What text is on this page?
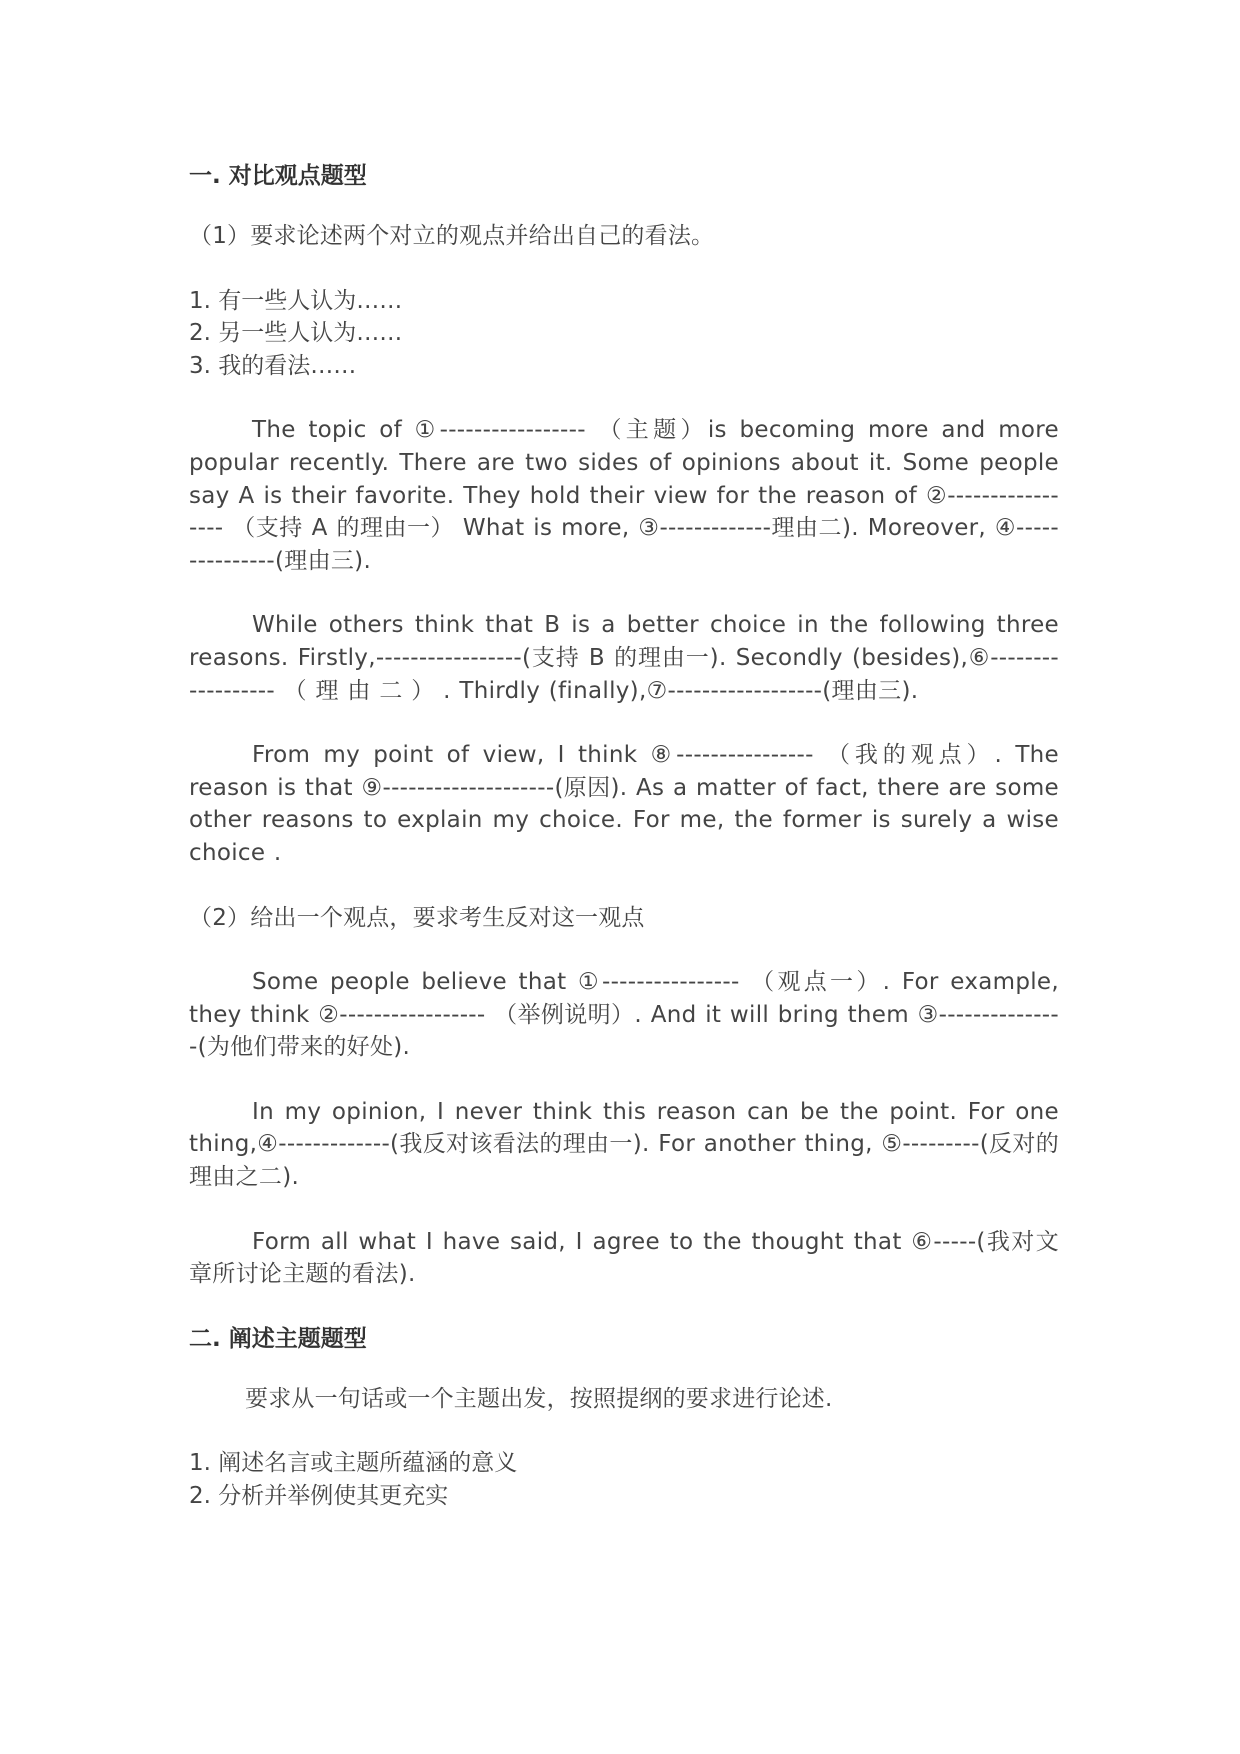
一. 对比观点题型
（1）要求论述两个对立的观点并给出自己的看法。
1. 有一些人认为……
2. 另一些人认为……
3. 我的看法……
The topic of ①----------------- （主题）is becoming more and more popular recently. There are two sides of opinions about it. Some people say A is their favorite. They hold their view for the reason of ②----------------- （支持 A 的理由一） What is more, ③-------------理由二). Moreover, ④---------------(理由三).
While others think that B is a better choice in the following three reasons. Firstly,-----------------(支持 B 的理由一). Secondly (besides),⑥------------------ （ 理 由 二 ） . Thirdly (finally),⑦------------------(理由三).
From my point of view, I think ⑧---------------- （我的观点）. The reason is that ⑨--------------------(原因). As a matter of fact, there are some other reasons to explain my choice. For me, the former is surely a wise choice .
（2）给出一个观点，要求考生反对这一观点
Some people believe that ①---------------- （观点一）. For example, they think ②----------------- （举例说明）. And it will bring them ③---------------(为他们带来的好处).
In my opinion, I never think this reason can be the point. For one thing,④-------------(我反对该看法的理由一). For another thing, ⑤---------(反对的理由之二).
Form all what I have said, I agree to the thought that ⑥-----(我对文章所讨论主题的看法).
二. 阐述主题题型
要求从一句话或一个主题出发，按照提纲的要求进行论述.
1. 阐述名言或主题所蕴涵的意义
2. 分析并举例使其更充实
